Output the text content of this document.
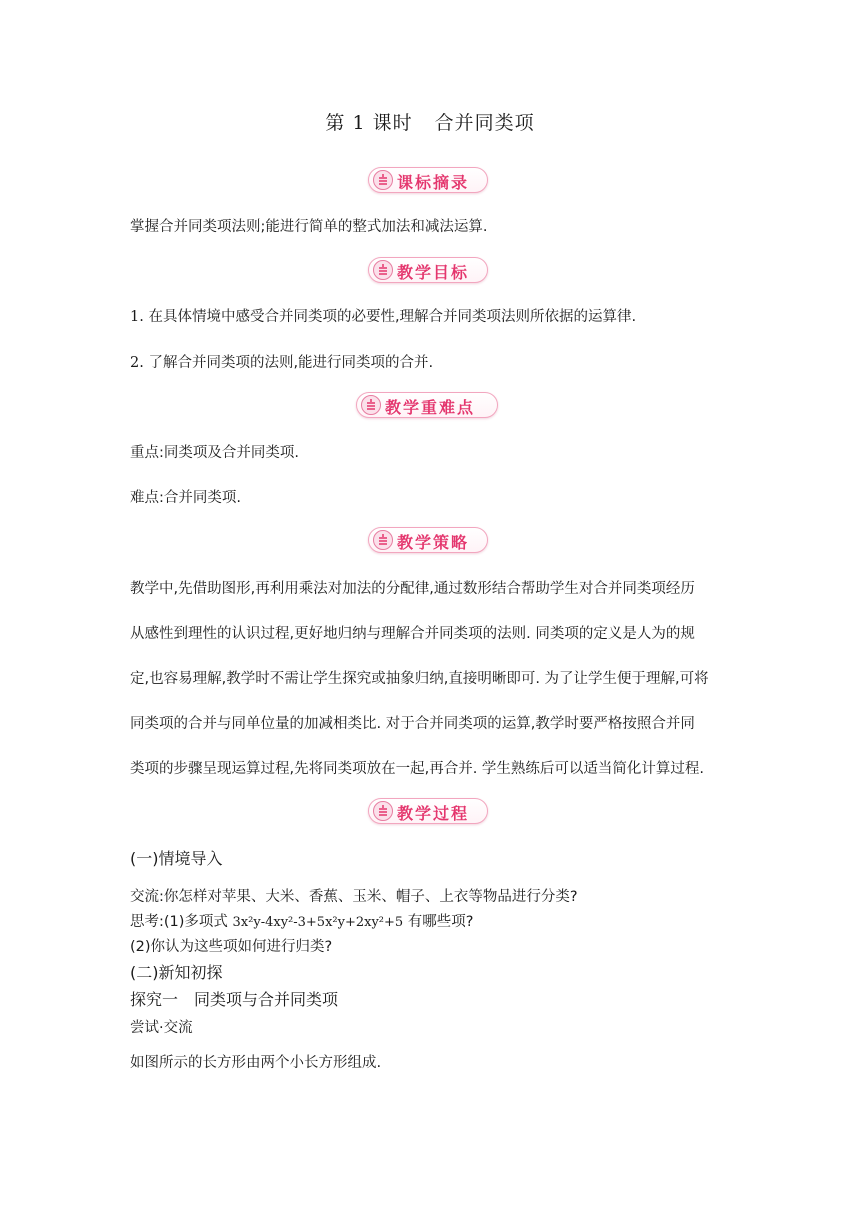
第 1 课时 合并同类项
课标摘录
掌握合并同类项法则;能进行简单的整式加法和减法运算.
教学目标
1. 在具体情境中感受合并同类项的必要性,理解合并同类项法则所依据的运算律.
2. 了解合并同类项的法则,能进行同类项的合并.
教学重难点
重点:同类项及合并同类项.
难点:合并同类项.
教学策略
教学中,先借助图形,再利用乘法对加法的分配律,通过数形结合帮助学生对合并同类项经历
从感性到理性的认识过程,更好地归纳与理解合并同类项的法则. 同类项的定义是人为的规
定,也容易理解,教学时不需让学生探究或抽象归纳,直接明晰即可. 为了让学生便于理解,可将
同类项的合并与同单位量的加减相类比. 对于合并同类项的运算,教学时要严格按照合并同
类项的步骤呈现运算过程,先将同类项放在一起,再合并. 学生熟练后可以适当简化计算过程.
教学过程
(一)情境导入
交流:你怎样对苹果、大米、香蕉、玉米、帽子、上衣等物品进行分类?
思考:(1)多项式 3x²y-4xy²-3+5x²y+2xy²+5 有哪些项?
(2)你认为这些项如何进行归类?
(二)新知初探
探究一　同类项与合并同类项
尝试·交流
如图所示的长方形由两个小长方形组成.
